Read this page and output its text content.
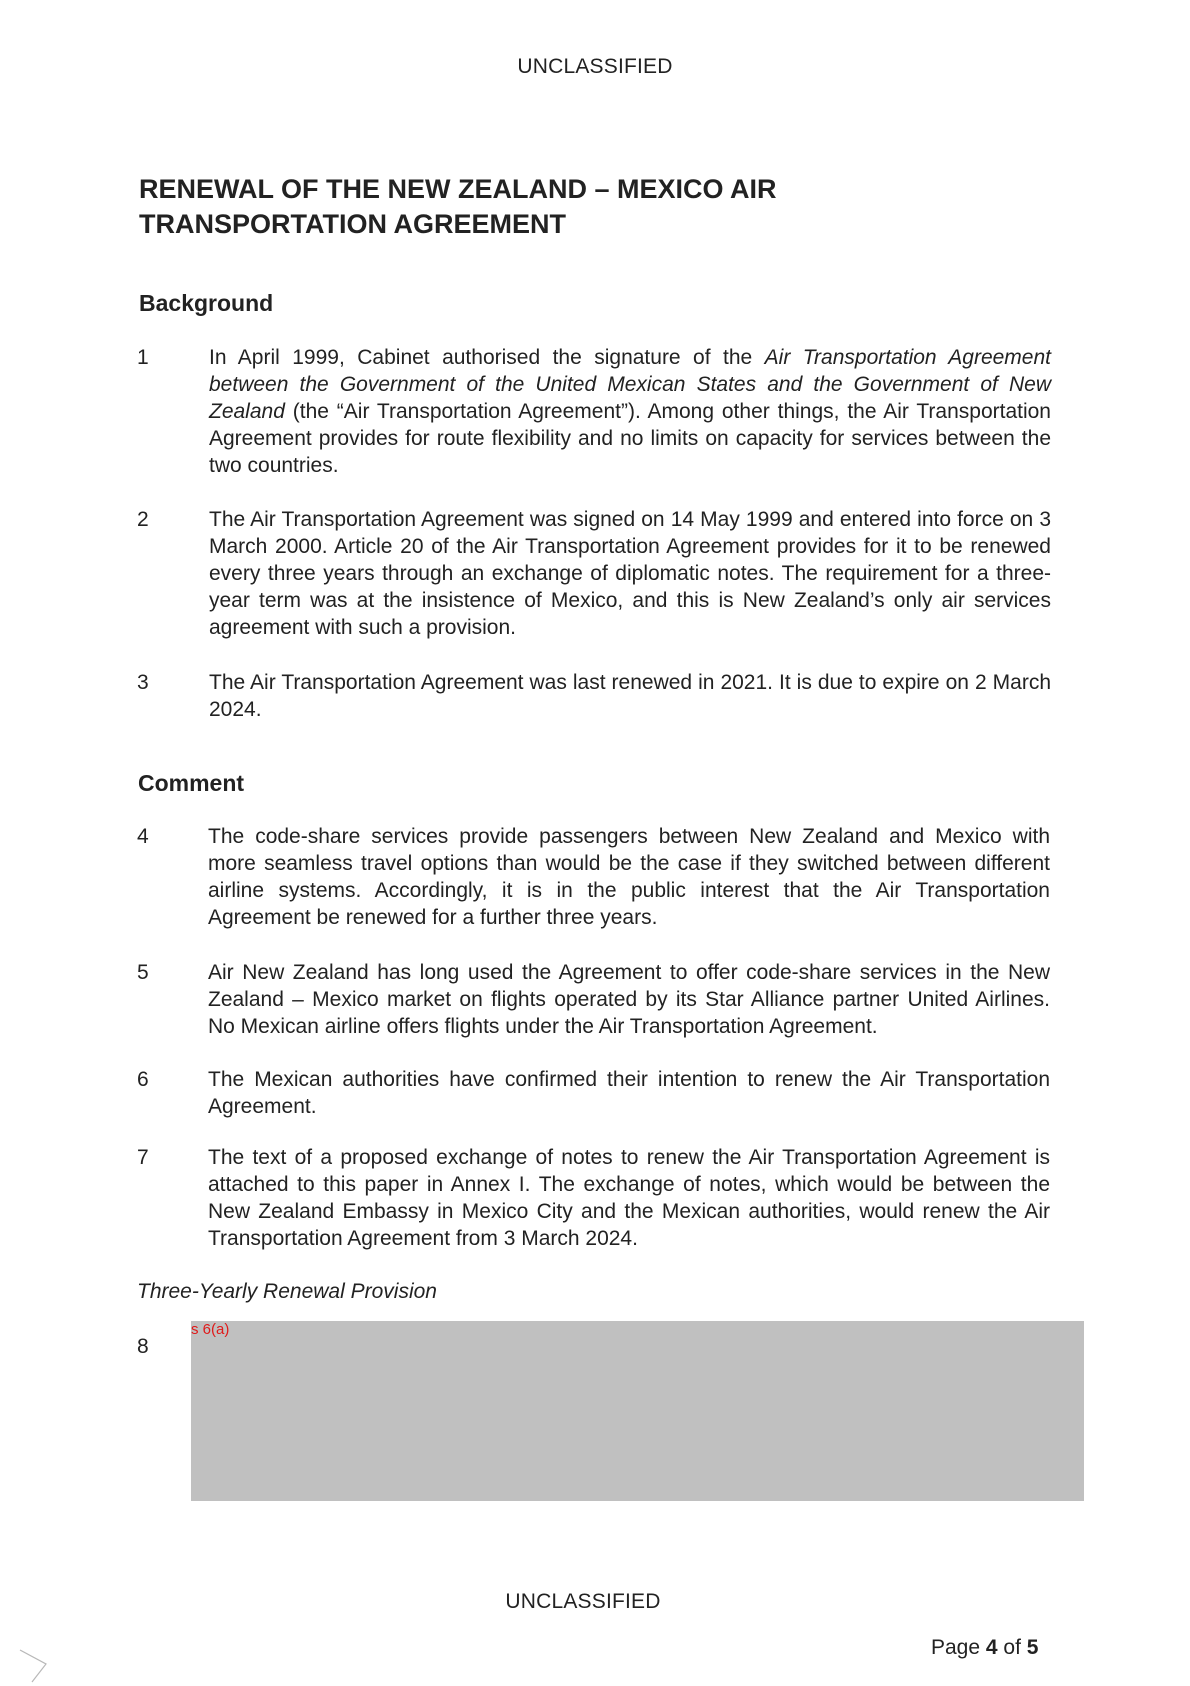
UNCLASSIFIED
RENEWAL OF THE NEW ZEALAND – MEXICO AIR
TRANSPORTATION AGREEMENT
Background
1	In April 1999, Cabinet authorised the signature of the Air Transportation Agreement between the Government of the United Mexican States and the Government of New Zealand (the “Air Transportation Agreement”). Among other things, the Air Transportation Agreement provides for route flexibility and no limits on capacity for services between the two countries.
2	The Air Transportation Agreement was signed on 14 May 1999 and entered into force on 3 March 2000. Article 20 of the Air Transportation Agreement provides for it to be renewed every three years through an exchange of diplomatic notes. The requirement for a three-year term was at the insistence of Mexico, and this is New Zealand’s only air services agreement with such a provision.
3	The Air Transportation Agreement was last renewed in 2021. It is due to expire on 2 March 2024.
Comment
4	The code-share services provide passengers between New Zealand and Mexico with more seamless travel options than would be the case if they switched between different airline systems. Accordingly, it is in the public interest that the Air Transportation Agreement be renewed for a further three years.
5	Air New Zealand has long used the Agreement to offer code-share services in the New Zealand – Mexico market on flights operated by its Star Alliance partner United Airlines. No Mexican airline offers flights under the Air Transportation Agreement.
6	The Mexican authorities have confirmed their intention to renew the Air Transportation Agreement.
7	The text of a proposed exchange of notes to renew the Air Transportation Agreement is attached to this paper in Annex I. The exchange of notes, which would be between the New Zealand Embassy in Mexico City and the Mexican authorities, would renew the Air Transportation Agreement from 3 March 2024.
Three-Yearly Renewal Provision
8
s 6(a)
UNCLASSIFIED
Page 4 of 5
